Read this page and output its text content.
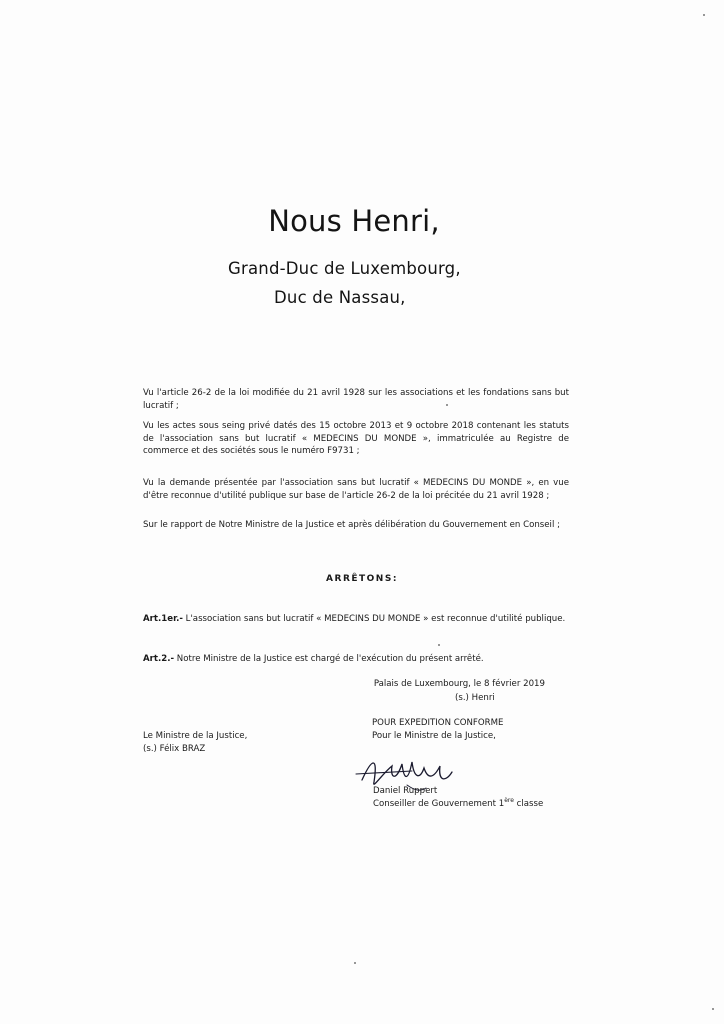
Nous Henri,
Grand-Duc de Luxembourg,
Duc de Nassau,
Vu l'article 26-2 de la loi modifiée du 21 avril 1928 sur les associations et les fondations sans but lucratif ;
Vu les actes sous seing privé datés des 15 octobre 2013 et 9 octobre 2018 contenant les statuts de l'association sans but lucratif « MEDECINS DU MONDE », immatriculée au Registre de commerce et des sociétés sous le numéro F9731 ;
Vu la demande présentée par l'association sans but lucratif « MEDECINS DU MONDE », en vue d'être reconnue d'utilité publique sur base de l'article 26-2 de la loi précitée du 21 avril 1928 ;
Sur le rapport de Notre Ministre de la Justice et après délibération du Gouvernement en Conseil ;
ARRÊTONS:
Art.1er.- L'association sans but lucratif « MEDECINS DU MONDE » est reconnue d'utilité publique.
Art.2.- Notre Ministre de la Justice est chargé de l'exécution du présent arrêté.
Palais de Luxembourg, le 8 février 2019
(s.) Henri
POUR EXPEDITION CONFORME
Pour le Ministre de la Justice,
Le Ministre de la Justice,
(s.) Félix BRAZ
Daniel Ruppert
Conseiller de Gouvernement 1ère classe
